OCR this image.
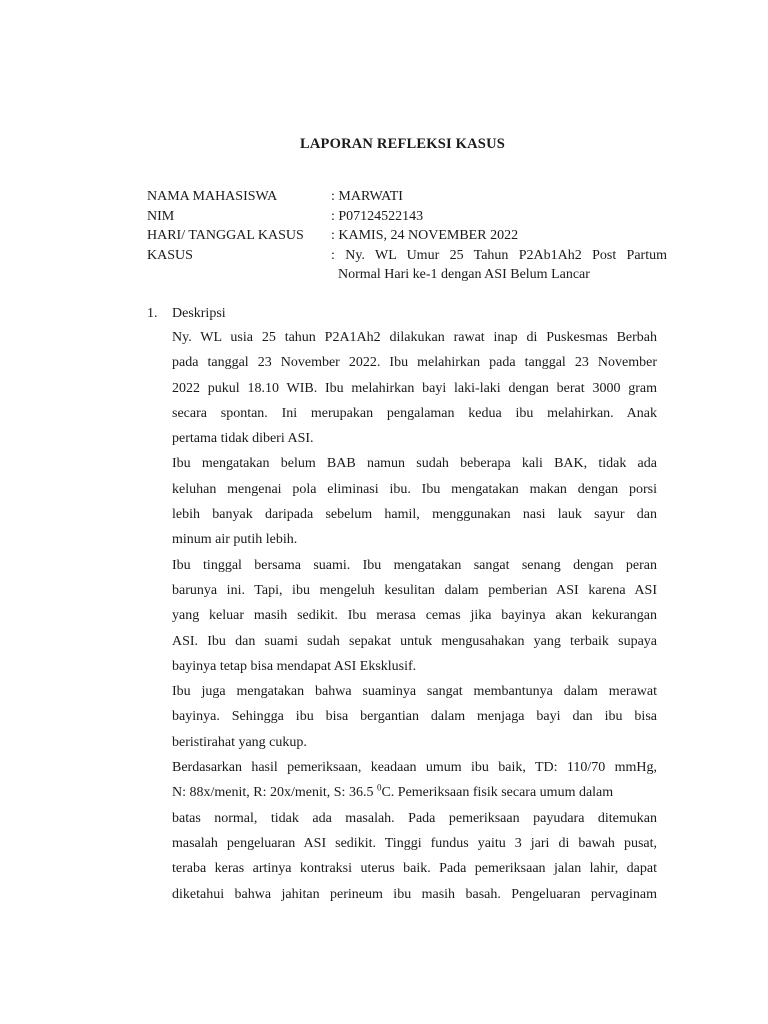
LAPORAN REFLEKSI KASUS
NAMA MAHASISWA	: MARWATI
NIM	: P07124522143
HARI/ TANGGAL KASUS	: KAMIS, 24 NOVEMBER 2022
KASUS	: Ny. WL Umur 25 Tahun P2Ab1Ah2 Post Partum
Normal Hari ke-1 dengan ASI Belum Lancar
1.	Deskripsi
Ny. WL usia 25 tahun P2A1Ah2 dilakukan rawat inap di Puskesmas Berbah
pada tanggal 23 November 2022. Ibu melahirkan pada tanggal 23 November
2022 pukul 18.10 WIB. Ibu melahirkan bayi laki-laki dengan berat 3000 gram
secara spontan. Ini merupakan pengalaman kedua ibu melahirkan. Anak
pertama tidak diberi ASI.
Ibu mengatakan belum BAB namun sudah beberapa kali BAK, tidak ada
keluhan mengenai pola eliminasi ibu. Ibu mengatakan makan dengan porsi
lebih banyak daripada sebelum hamil, menggunakan nasi lauk sayur dan
minum air putih lebih.
Ibu tinggal bersama suami. Ibu mengatakan sangat senang dengan peran
barunya ini. Tapi, ibu mengeluh kesulitan dalam pemberian ASI karena ASI
yang keluar masih sedikit. Ibu merasa cemas jika bayinya akan kekurangan
ASI. Ibu dan suami sudah sepakat untuk mengusahakan yang terbaik supaya
bayinya tetap bisa mendapat ASI Eksklusif.
Ibu juga mengatakan bahwa suaminya sangat membantunya dalam merawat
bayinya. Sehingga ibu bisa bergantian dalam menjaga bayi dan ibu bisa
beristirahat yang cukup.
Berdasarkan hasil pemeriksaan, keadaan umum ibu baik, TD: 110/70 mmHg,
N: 88x/menit, R: 20x/menit, S: 36.5 $^0$C. Pemeriksaan fisik secara umum dalam
batas normal, tidak ada masalah. Pada pemeriksaan payudara ditemukan
masalah pengeluaran ASI sedikit. Tinggi fundus yaitu 3 jari di bawah pusat,
teraba keras artinya kontraksi uterus baik. Pada pemeriksaan jalan lahir, dapat
diketahui bahwa jahitan perineum ibu masih basah. Pengeluaran pervaginam
